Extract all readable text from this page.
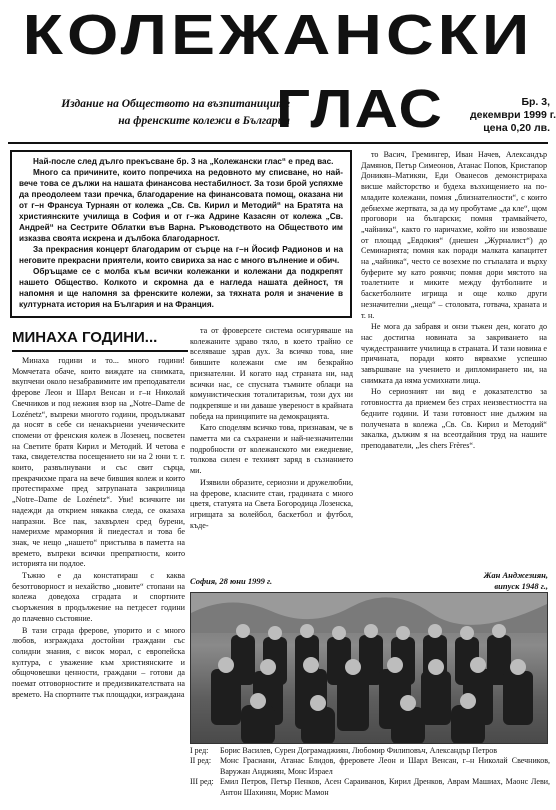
КОЛЕЖАНСКИ
Издание на Обществото на възпитаниците
на френските колежи в България
ГЛАС	Бр. 3,
декември 1999 г.
цена 0,20 лв.

Най-после след дълго прекъсване бр. 3 на „Колежански глас“ е пред вас.

Много са причините, които попречиха на редовното му списване, но най-вече това се дължи на нашата финансова нестабилност. За този брой успяхме да преодолеем тази пречка, благодарение на финансовата помощ, оказана ни от г–н Франсуа Турнаян от колежа „Св. Св. Кирил и Методий“ на Братята на християнските училища в София и от г–жа Адрине Казасян от колежа „Св. Андрей“ на Сестрите Облатки във Варна. Ръководството на Обществото им изказва своята искрена и дълбока благодарност.

За прекрасния концерт благодарим от сърце на г–н Йосиф Радионов и на неговите прекрасни приятели, които свириха за нас с много вълнение и обич.

Обръщаме се с молба към всички колежанки и колежани да подкрепят нашето Общество. Колкото и скромна да е нагледа нашата дейност, тя напомня и ще напомня за френските колежи, за тяхната роля и значение в културната история на България и на Франция.

МИНАХА ГОДИНИ...

Минаха години и то... много години! Момчетата обаче, които виждате на снимката, вкупчени около незабравимите им преподаватели фрерове Леон и Шарл Венсан и г–н Николай Свечников и под нежния взор на „Notre–Dame de Lozénetz“, въпреки многото години, продължават да носят в себе си ненакърнени ученическите спомени от френския колеж в Лозенец, посветен на Светите братя Кирил и Методий. И четова е така, свидетелства посещението ни на 2 юни т. г. които, развълнувани и със свит сърца, прекрачихме прага на вече бившия колеж и които протестирахме пред затрупаната закрилница „Notre–Dame de Lozénetz“. Уви! всичките ни надежди да открием някаква следа, се оказаха напразни. Все пак, захвърлен сред бурени, намерихме мраморния й пиедестал и това бе знак, че нещо „нашето“ пристъпва в паметта на времето, въпреки всички препратности, които историята ни подлое.

Тъжно е да констатираш с каква безотговорност и нехайство „новите“ стопани на колежа доведоха сградата и спортните съоръжения в продължение на петдесет години до плачевно състояние.

В тази сграда фрерове, упорито и с много любов, изграждаха достойни граждани със солидни знания, с висок морал, с европейска култура, с уважение към християнските и общочовешки ценности, граждани – готови да поемат отговорностите и предизвикателствата на времето. На спортните тък площадки, изграждана

та от фроверсете система осигуряваше на колежаните здраво тяло, в което трайно се вселяваше здрав дух. За всичко това, ние бившите колежани сме им безкрайно признателни. И когато над страната ни, над всички нас, се спусната тъмните облаци на комунистическия тоталитаризъм, този дух ни подкрепяше и ни даваше увереност в крайната победа на принципите на демокрацията.

Като споделям всичко това, признавам, че в паметта ми са съхранени и най-незначителни подробности от колежанското ми ежедневие, толкова силен е техният заряд в съзнанието ми.

Изявили образите, сериозни и дружелюбни, на фрерове, класните стаи, градината с много цветя, статуята на Света Богородица Лозенска, игрищата за волейбол, баскетбол и футбол, къде-

то Васич, Гремингер, Иван Начев, Александър Дамянов, Петър Симеонов, Атанас Попов, Кристапор Доникян–Матикян, Еди Ованесов демонстрираха висше майсторство и будеха възхищението на по-младите колежани, помня „близнателности“, с които дебнехме жертвата, за да му пробутаме „да кле“, щом проговори на български; помня трамвайчето, „чайника“, както го наричахме, който ни извозваше от площад „Евдокия“ (днешен „Журналист“) до Семинарията; помня как поради малката капацитет на „чайника“, често се возехме по стъпалата и върху буферите му като роякчи; помня дори мястото на тоалетните и миките между футболните и баскетболните игрища и още колко други незначителни „неща“ – столовата, готвача, храната и т. н.

Не мога да забравя и онзи тъжен ден, когато до нас достигна новината за закриването на чуждестранните училища в страната. И тази новина е причината, поради която вярвахме успешно завършване на учението и дипломирането ни, на снимката да няма усмихнати лица.

Но сериозният ни вид е доказателство за готовността да приемем без страх неизвестността на бедните години. И тази готовност ние дължим на получената в колежа „Св. Св. Кирил и Методий“ закалка, дължим я на всеотдайния труд на нашите преподаватели, „les chers Frères“.

София, 28 юни 1999 г.
Жан Анджезиян,
випуск 1948 г.,
I ред:	Борис Василев, Сурен Дограмаджиян, Любомир Филиповъч, Александър Петров
II ред:	Монс Грасиани, Атанас Блидов, фрероветe Леон и Шарл Венсан, г–н Николай Свечников, Варужан Анджиян, Монс Израел
III ред: Емил Петров, Петър Пенков, Асен Сараиванов, Кирил Дренков, Аврам Машиах, Маонс Леви, Антон Шахинян, Морис Мамон
